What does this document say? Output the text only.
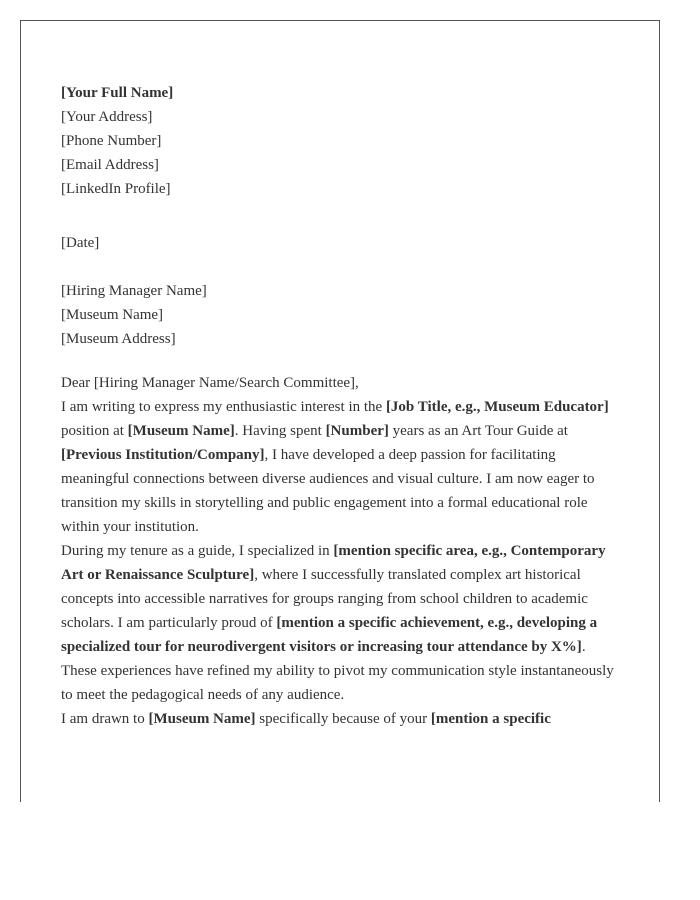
[Your Full Name]
[Your Address]
[Phone Number]
[Email Address]
[LinkedIn Profile]
[Date]
[Hiring Manager Name]
[Museum Name]
[Museum Address]
Dear [Hiring Manager Name/Search Committee],

I am writing to express my enthusiastic interest in the [Job Title, e.g., Museum Educator] position at [Museum Name]. Having spent [Number] years as an Art Tour Guide at [Previous Institution/Company], I have developed a deep passion for facilitating meaningful connections between diverse audiences and visual culture. I am now eager to transition my skills in storytelling and public engagement into a formal educational role within your institution.

During my tenure as a guide, I specialized in [mention specific area, e.g., Contemporary Art or Renaissance Sculpture], where I successfully translated complex art historical concepts into accessible narratives for groups ranging from school children to academic scholars. I am particularly proud of [mention a specific achievement, e.g., developing a specialized tour for neurodivergent visitors or increasing tour attendance by X%]. These experiences have refined my ability to pivot my communication style instantaneously to meet the pedagogical needs of any audience.

I am drawn to [Museum Name] specifically because of your [mention a specific
